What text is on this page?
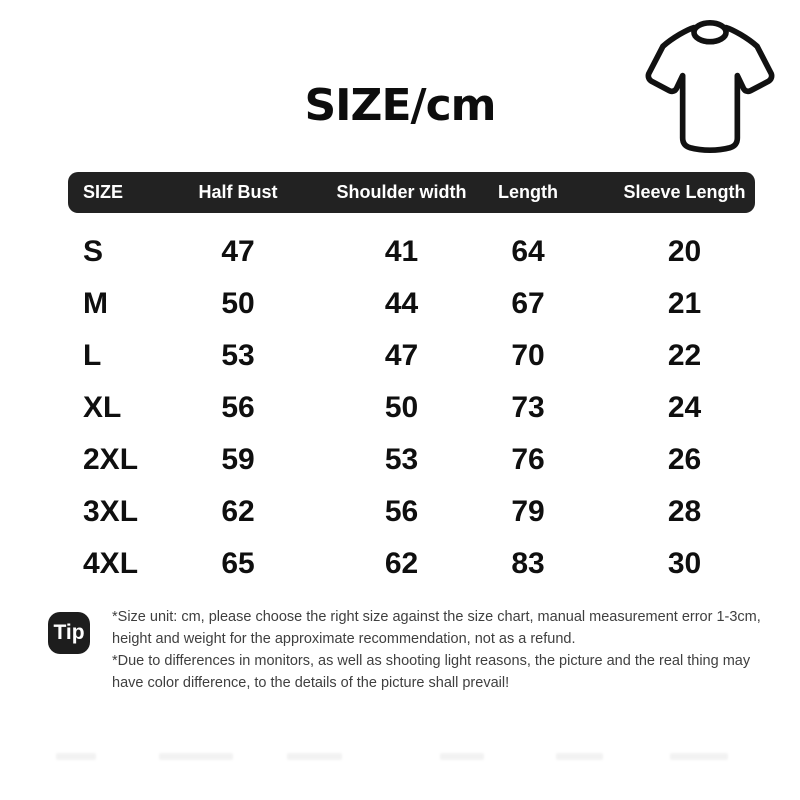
SIZE/cm
SIZE	Half Bust	Shoulder width	Length	Sleeve Length
S	47	41	64	20
M	50	44	67	21
L	53	47	70	22
XL	56	50	73	24
2XL	59	53	76	26
3XL	62	56	79	28
4XL	65	62	83	30
Tip
*Size unit: cm, please choose the right size against the size chart, manual measurement error 1-3cm,
height and weight for the approximate recommendation, not as a refund.
*Due to differences in monitors, as well as shooting light reasons, the picture and the real thing may
have color difference, to the details of the picture shall prevail!
